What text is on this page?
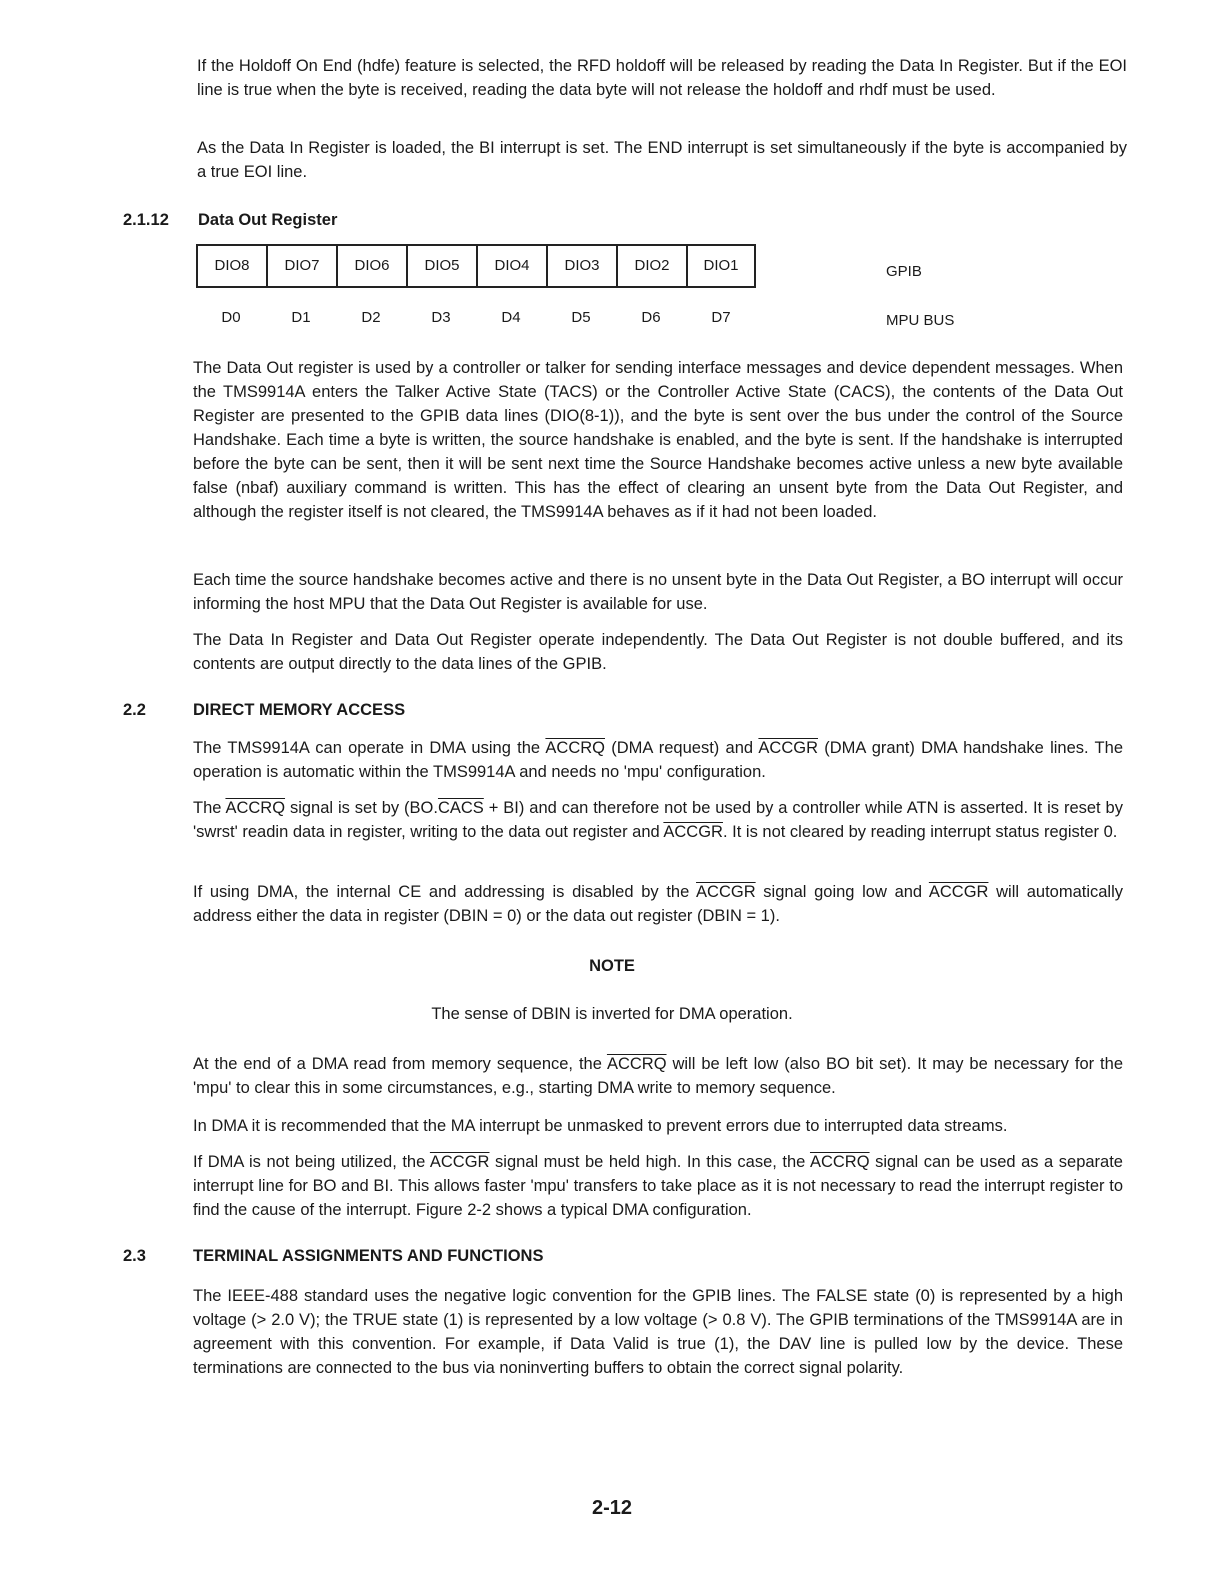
If the Holdoff On End (hdfe) feature is selected, the RFD holdoff will be released by reading the Data In Register. But if the EOI line is true when the byte is received, reading the data byte will not release the holdoff and rhdf must be used.

As the Data In Register is loaded, the BI interrupt is set. The END interrupt is set simultaneously if the byte is accompanied by a true EOI line.

2.1.12 Data Out Register
DIO8	DIO7	DIO6	DIO5	DIO4	DIO3	DIO2	DIO1	GPIB
D0	D1	D2	D3	D4	D5	D6	D7	MPU BUS

The Data Out register is used by a controller or talker for sending interface messages and device dependent messages. When the TMS9914A enters the Talker Active State (TACS) or the Controller Active State (CACS), the contents of the Data Out Register are presented to the GPIB data lines (DIO(8-1)), and the byte is sent over the bus under the control of the Source Handshake. Each time a byte is written, the source handshake is enabled, and the byte is sent. If the handshake is interrupted before the byte can be sent, then it will be sent next time the Source Handshake becomes active unless a new byte available false (nbaf) auxiliary command is written. This has the effect of clearing an unsent byte from the Data Out Register, and although the register itself is not cleared, the TMS9914A behaves as if it had not been loaded.

Each time the source handshake becomes active and there is no unsent byte in the Data Out Register, a BO interrupt will occur informing the host MPU that the Data Out Register is available for use.

The Data In Register and Data Out Register operate independently. The Data Out Register is not double buffered, and its contents are output directly to the data lines of the GPIB.

2.2	DIRECT MEMORY ACCESS

The TMS9914A can operate in DMA using the ACCRQ (DMA request) and ACCGR (DMA grant) DMA handshake lines. The operation is automatic within the TMS9914A and needs no 'mpu' configuration.

The ACCRQ signal is set by (BO.CACS + BI) and can therefore not be used by a controller while ATN is asserted. It is reset by 'swrst' readin data in register, writing to the data out register and ACCGR. It is not cleared by reading interrupt status register 0.

If using DMA, the internal CE and addressing is disabled by the ACCGR signal going low and ACCGR will automatically address either the data in register (DBIN = 0) or the data out register (DBIN = 1).

NOTE
The sense of DBIN is inverted for DMA operation.

At the end of a DMA read from memory sequence, the ACCRQ will be left low (also BO bit set). It may be necessary for the 'mpu' to clear this in some circumstances, e.g., starting DMA write to memory sequence.

In DMA it is recommended that the MA interrupt be unmasked to prevent errors due to interrupted data streams.

If DMA is not being utilized, the ACCGR signal must be held high. In this case, the ACCRQ signal can be used as a separate interrupt line for BO and BI. This allows faster 'mpu' transfers to take place as it is not necessary to read the interrupt register to find the cause of the interrupt. Figure 2-2 shows a typical DMA configuration.

2.3	TERMINAL ASSIGNMENTS AND FUNCTIONS

The IEEE-488 standard uses the negative logic convention for the GPIB lines. The FALSE state (0) is represented by a high voltage (> 2.0 V); the TRUE state (1) is represented by a low voltage (> 0.8 V). The GPIB terminations of the TMS9914A are in agreement with this convention. For example, if Data Valid is true (1), the DAV line is pulled low by the device. These terminations are connected to the bus via noninverting buffers to obtain the correct signal polarity.

2-12
